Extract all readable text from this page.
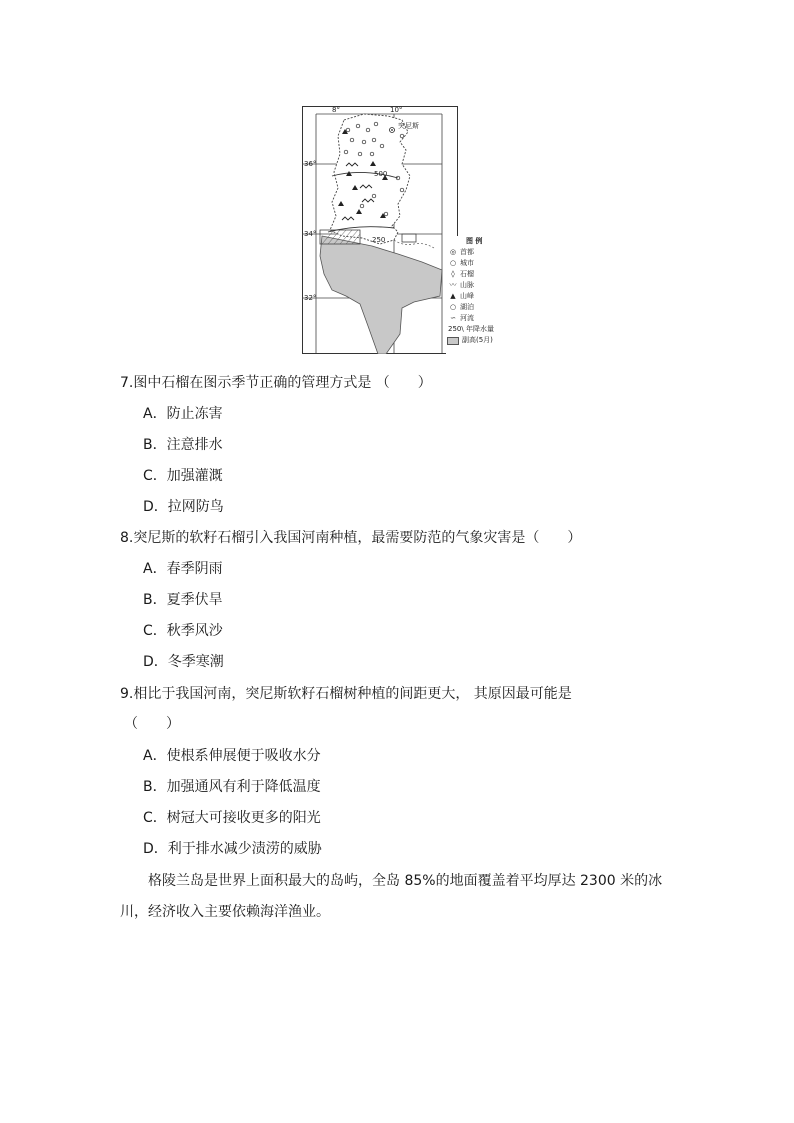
8°	10°
36°
34°
32°
突尼斯
500
250	图 例
◎ 首都
○ 城市
◊ 石榴
〰 山脉
▲ 山峰
○ 湖泊
∽ 河流
250\ 年降水量
副高(5月)
7.图中石榴在图示季节正确的管理方式是 （　　）
A．防止冻害
B．注意排水
C．加强灌溉
D．拉网防鸟
8.突尼斯的软籽石榴引入我国河南种植，最需要防范的气象灾害是（　　）
A．春季阴雨
B．夏季伏旱
C．秋季风沙
D．冬季寒潮
9.相比于我国河南，突尼斯软籽石榴树种植的间距更大， 其原因最可能是
（　　）
A．使根系伸展便于吸收水分
B．加强通风有利于降低温度
C．树冠大可接收更多的阳光
D．利于排水减少渍涝的威胁
格陵兰岛是世界上面积最大的岛屿，全岛 85%的地面覆盖着平均厚达 2300 米的冰
川，经济收入主要依赖海洋渔业。
